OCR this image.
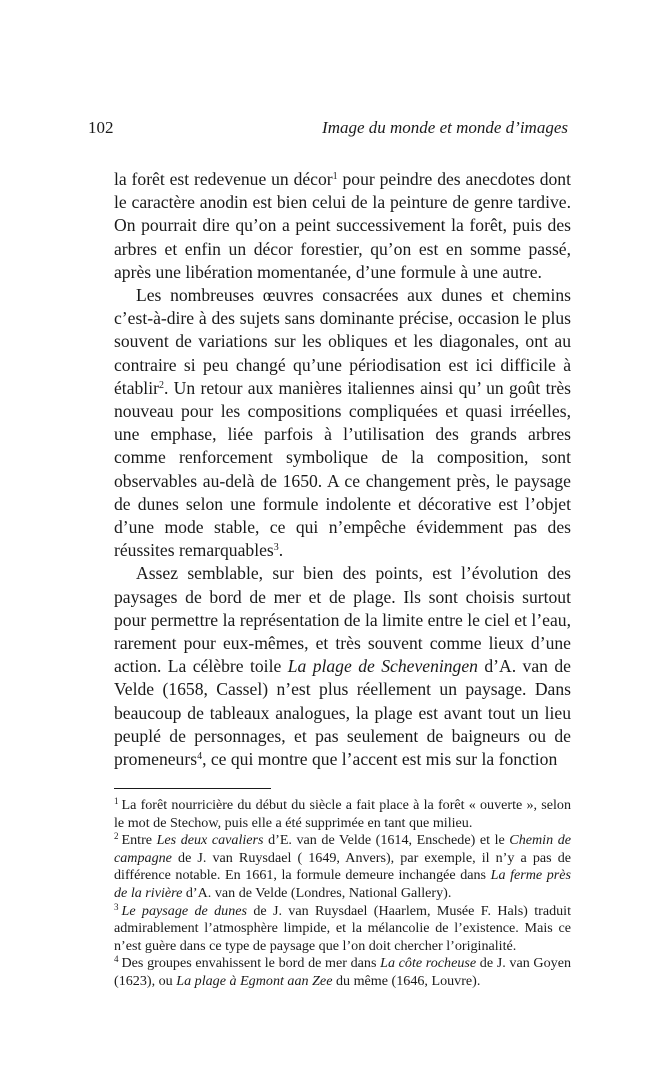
102	Image du monde et monde d’images

la forêt est redevenue un décor$^1$ pour peindre des anecdotes dont le caractère anodin est bien celui de la peinture de genre tardive. On pourrait dire qu’on a peint successivement la forêt, puis des arbres et enfin un décor forestier, qu’on est en somme passé, après une libération momentanée, d’une formule à une autre.

Les nombreuses œuvres consacrées aux dunes et chemins c’est-à-dire à des sujets sans dominante précise, occasion le plus souvent de variations sur les obliques et les diagonales, ont au contraire si peu changé qu’une périodisation est ici difficile à établir$^2$. Un retour aux manières italiennes ainsi qu’ un goût très nouveau pour les compositions compliquées et quasi irréelles, une emphase, liée parfois à l’utilisation des grands arbres comme renforcement symbolique de la composition, sont observables au-delà de 1650. A ce changement près, le paysage de dunes selon une formule indolente et décorative est l’objet d’une mode stable, ce qui n’empêche évidemment pas des réussites remarquables$^3$.

Assez semblable, sur bien des points, est l’évolution des paysages de bord de mer et de plage. Ils sont choisis surtout pour permettre la représentation de la limite entre le ciel et l’eau, rarement pour eux-mêmes, et très souvent comme lieux d’une action. La célèbre toile La plage de Scheveningen d’A. van de Velde (1658, Cassel) n’est plus réellement un paysage. Dans beaucoup de tableaux analogues, la plage est avant tout un lieu peuplé de personnages, et pas seulement de baigneurs ou de promeneurs$^4$, ce qui montre que l’accent est mis sur la fonction

$^1$ La forêt nourricière du début du siècle a fait place à la forêt « ouverte », selon le mot de Stechow, puis elle a été supprimée en tant que milieu.

$^2$ Entre Les deux cavaliers d’E. van de Velde (1614, Enschede) et le Chemin de campagne de J. van Ruysdael ( 1649, Anvers), par exemple, il n’y a pas de différence notable. En 1661, la formule demeure inchangée dans La ferme près de la rivière d’A. van de Velde (Londres, National Gallery).

$^3$ Le paysage de dunes de J. van Ruysdael (Haarlem, Musée F. Hals) traduit admirablement l’atmosphère limpide, et la mélancolie de l’existence. Mais ce n’est guère dans ce type de paysage que l’on doit chercher l’originalité.

$^4$ Des groupes envahissent le bord de mer dans La côte rocheuse de J. van Goyen (1623), ou La plage à Egmont aan Zee du même (1646, Louvre).
